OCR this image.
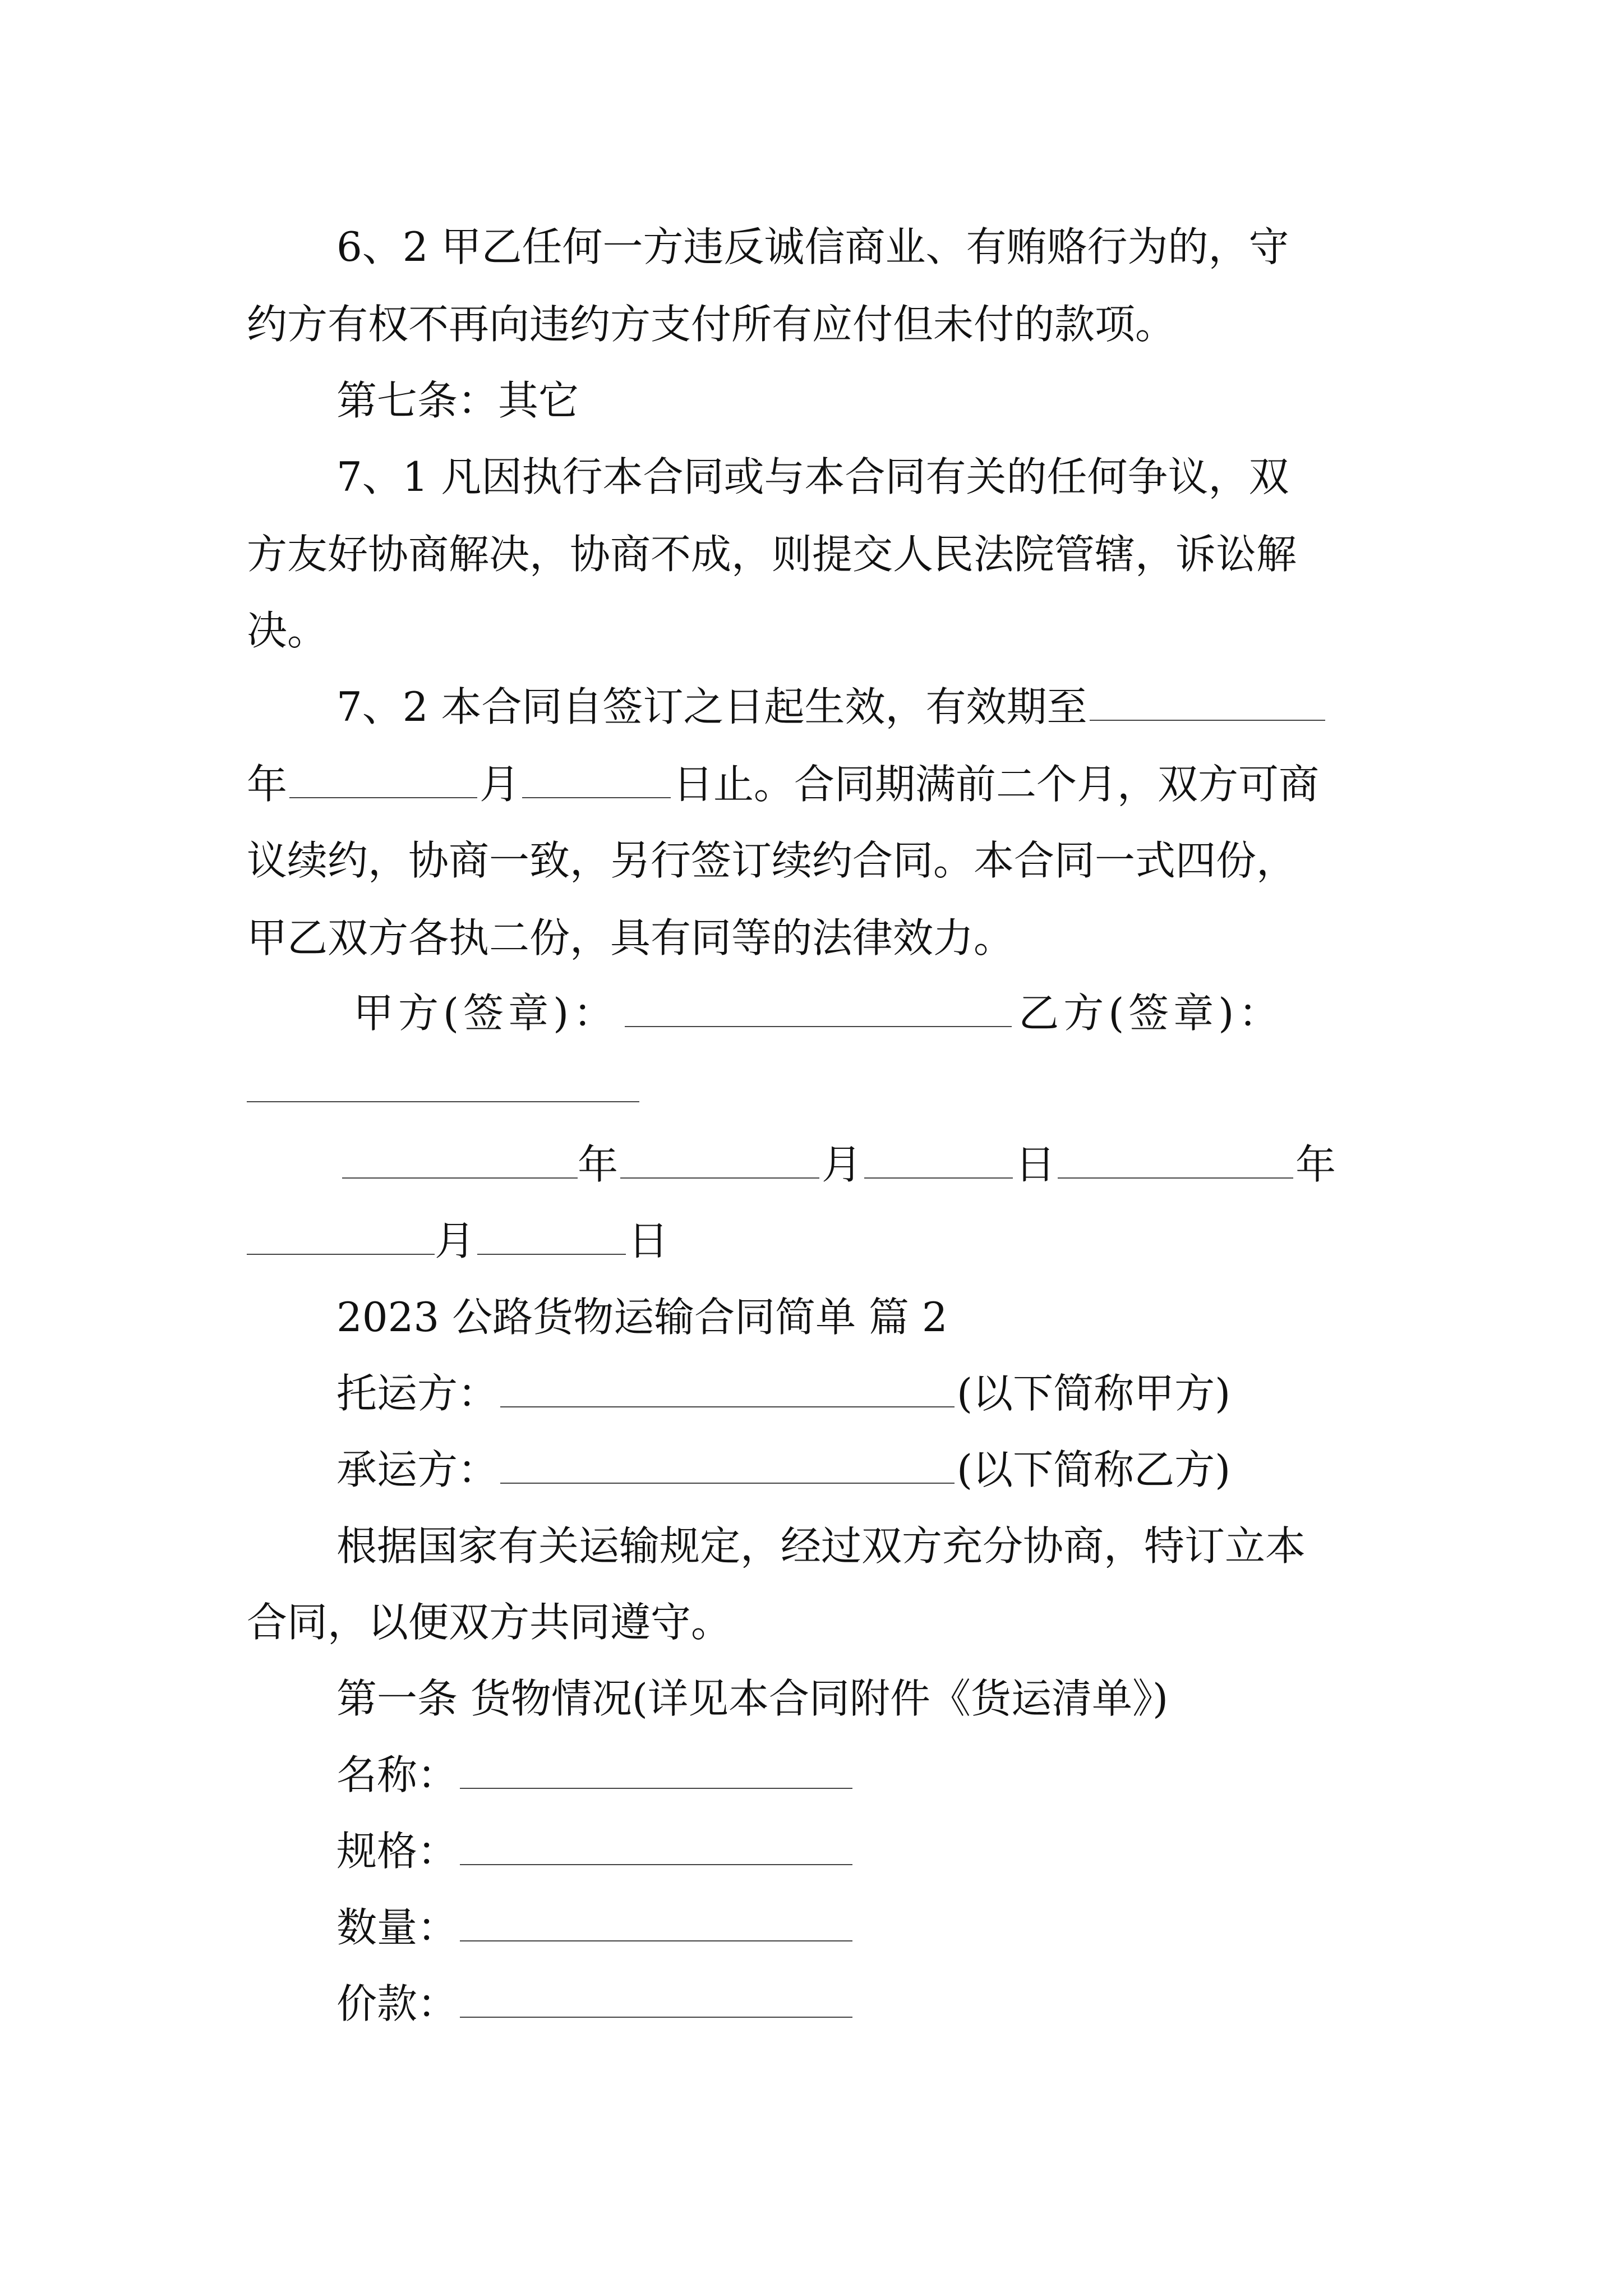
6、2 甲乙任何一方违反诚信商业、有贿赂行为的，守
约方有权不再向违约方支付所有应付但未付的款项。
第七条：其它
7、1 凡因执行本合同或与本合同有关的任何争议，双
方友好协商解决，协商不成，则提交人民法院管辖，诉讼解
决。
7、2 本合同自签订之日起生效，有效期至
年	月	日止。合同期满前二个月，双方可商
议续约，协商一致，另行签订续约合同。本合同一式四份，
甲乙双方各执二份，具有同等的法律效力。
甲方(签章)：	乙方(签章)：
年	月	日	年
月	日
2023 公路货物运输合同简单 篇 2
托运方：	(以下简称甲方)
承运方：	(以下简称乙方)
根据国家有关运输规定，经过双方充分协商，特订立本
合同，以便双方共同遵守。
第一条 货物情况(详见本合同附件《货运清单》)
名称：
规格：
数量：
价款：
